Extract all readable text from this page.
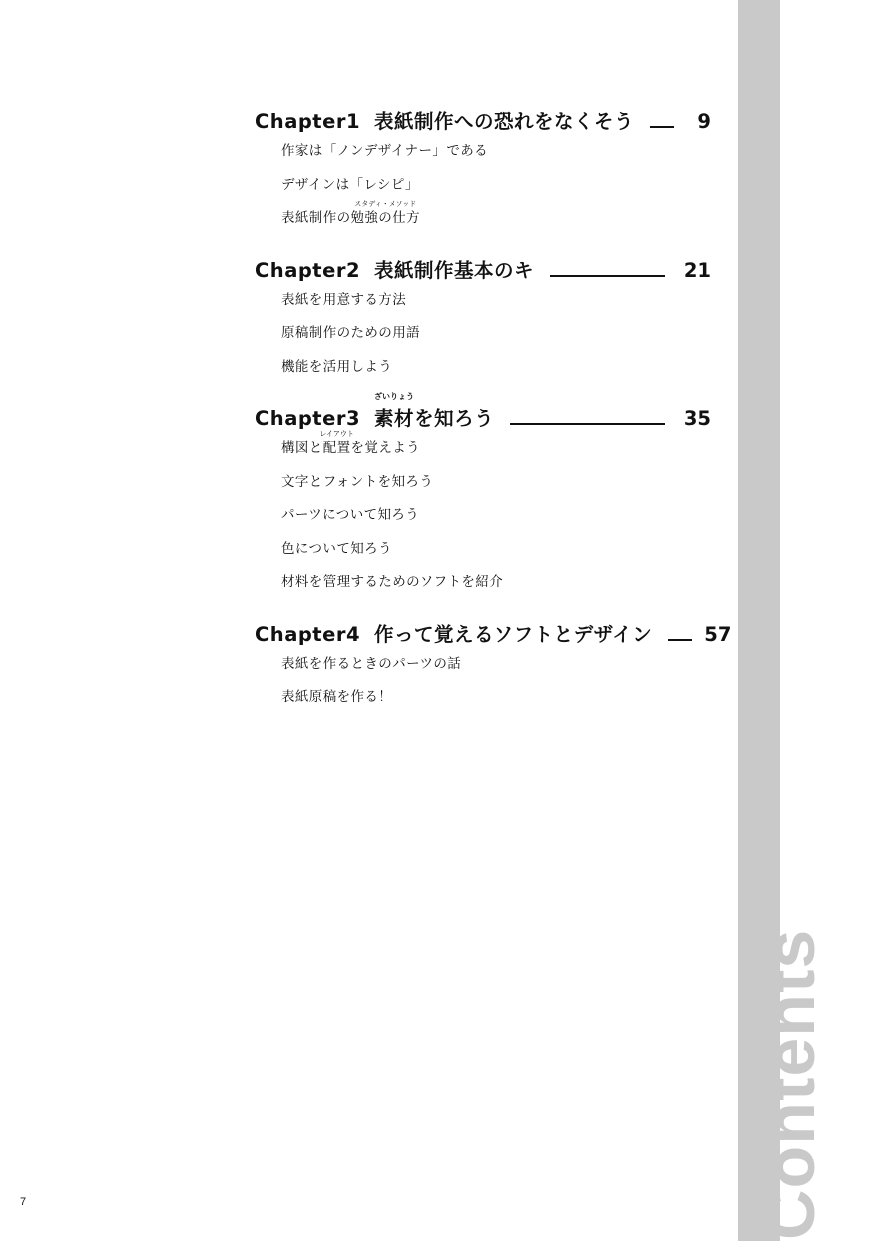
Contents
7
Chapter1 表紙制作への恐れをなくそう	9
作家は「ノンデザイナー」である
デザインは「レシピ」
表紙制作の
スタディ・メソッド
勉強の仕方
Chapter2 表紙制作基本のキ	21
表紙を用意する方法
原稿制作のための用語
機能を活用しよう
Chapter3
ざいりょう
素材を知ろう	35
構図と
レイアウト
配置を覚えよう
文字とフォントを知ろう
パーツについて知ろう
色について知ろう
材料を管理するためのソフトを紹介
Chapter4 作って覚えるソフトとデザイン	57
表紙を作るときのパーツの話
表紙原稿を作る！
